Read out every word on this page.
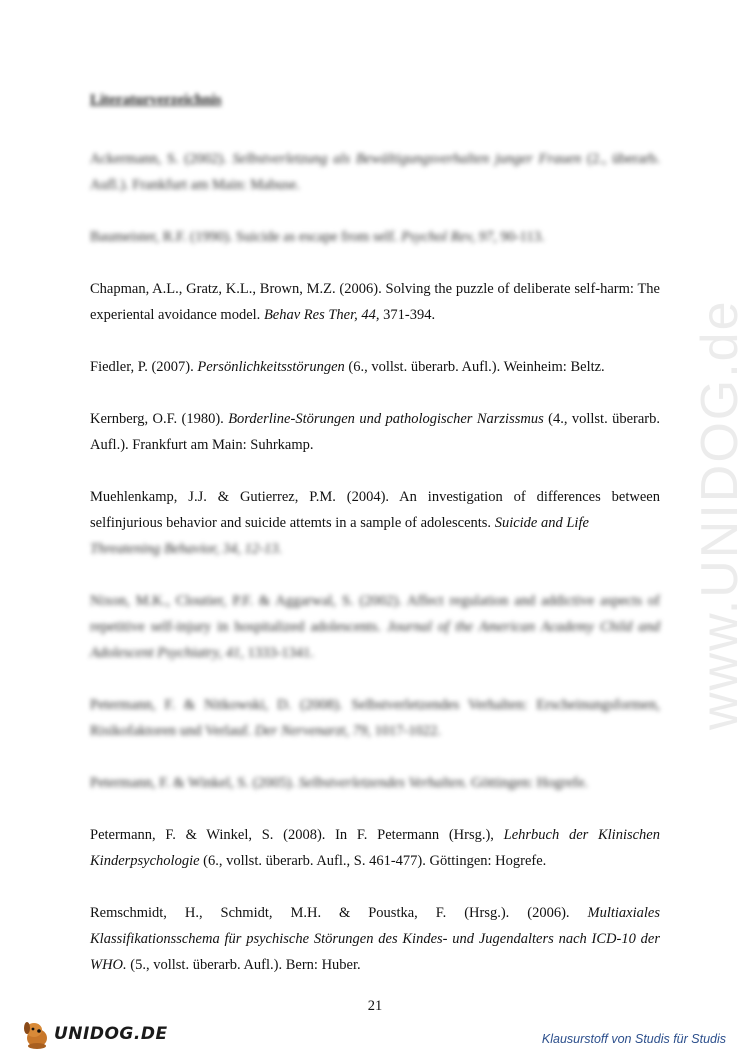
www.UNIDOG.de
Literaturverzeichnis

Ackermann, S. (2002). Selbstverletzung als Bewältigungsverhalten junger Frauen (2., überarb. Aufl.). Frankfurt am Main: Mabuse.

Baumeister, R.F. (1990). Suicide as escape from self. Psychol Rev, 97, 90-113.

Chapman, A.L., Gratz, K.L., Brown, M.Z. (2006). Solving the puzzle of deliberate self-harm: The experiental avoidance model. Behav Res Ther, 44, 371-394.

Fiedler, P. (2007). Persönlichkeitsstörungen (6., vollst. überarb. Aufl.). Weinheim: Beltz.

Kernberg, O.F. (1980). Borderline-Störungen und pathologischer Narzissmus (4., vollst. überarb. Aufl.). Frankfurt am Main: Suhrkamp.

Muehlenkamp, J.J. & Gutierrez, P.M. (2004). An investigation of differences between selfinjurious behavior and suicide attemts in a sample of adolescents. Suicide and Life
Threatening Behavior, 34, 12-13.

Nixon, M.K., Cloutier, P.F. & Aggarwal, S. (2002). Affect regulation and addictive aspects of repetitive self-injury in hospitalized adolescents. Journal of the American Academy Child and Adolescent Psychiatry, 41, 1333-1341.

Petermann, F. & Nitkowski, D. (2008). Selbstverletzendes Verhalten: Erscheinungsformen, Risikofaktoren und Verlauf. Der Nervenarzt, 79, 1017-1022.

Petermann, F. & Winkel, S. (2005). Selbstverletzendes Verhalten. Göttingen: Hogrefe.

Petermann, F. & Winkel, S. (2008). In F. Petermann (Hrsg.), Lehrbuch der Klinischen Kinderpsychologie (6., vollst. überarb. Aufl., S. 461-477). Göttingen: Hogrefe.

Remschmidt, H., Schmidt, M.H. & Poustka, F. (Hrsg.). (2006). Multiaxiales Klassifikationsschema für psychische Störungen des Kindes- und Jugendalters nach ICD-10 der WHO. (5., vollst. überarb. Aufl.). Bern: Huber.

21
UNIDOG.DE	Klausurstoff von Studis für Studis
